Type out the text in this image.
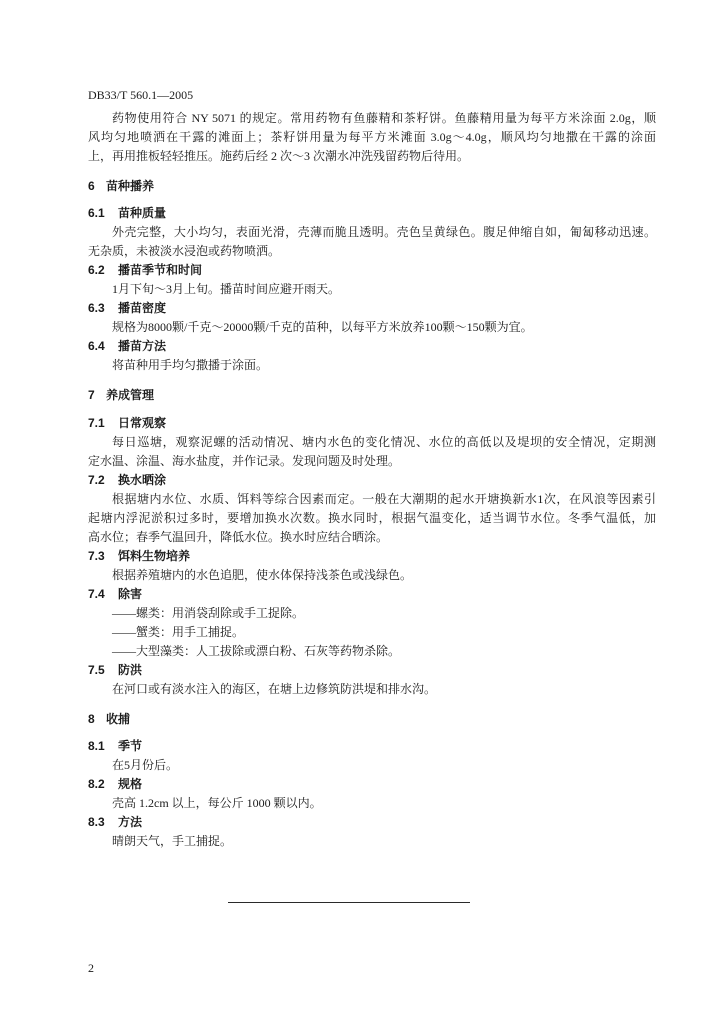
DB33/T 560.1—2005
药物使用符合 NY 5071 的规定。常用药物有鱼藤精和茶籽饼。鱼藤精用量为每平方米涂面 2.0g，顺
风均匀地喷洒在干露的滩面上；茶籽饼用量为每平方米滩面 3.0g～4.0g，顺风均匀地撒在干露的涂面
上，再用推板轻轻推压。施药后经 2 次～3 次潮水冲洗残留药物后待用。
6 苗种播养
6.1 苗种质量
外壳完整，大小均匀，表面光滑，壳薄而脆且透明。壳色呈黄绿色。腹足伸缩自如，匍匐移动迅速。
无杂质，未被淡水浸泡或药物喷洒。
6.2 播苗季节和时间
1月下旬～3月上旬。播苗时间应避开雨天。
6.3 播苗密度
规格为8000颗/千克～20000颗/千克的苗种，以每平方米放养100颗～150颗为宜。
6.4 播苗方法
将苗种用手均匀撒播于涂面。
7 养成管理
7.1 日常观察
每日巡塘，观察泥螺的活动情况、塘内水色的变化情况、水位的高低以及堤坝的安全情况，定期测
定水温、涂温、海水盐度，并作记录。发现问题及时处理。
7.2 换水晒涂
根据塘内水位、水质、饵料等综合因素而定。一般在大潮期的起水开塘换新水1次，在风浪等因素引
起塘内浮泥淤积过多时，要增加换水次数。换水同时，根据气温变化，适当调节水位。冬季气温低，加
高水位；春季气温回升，降低水位。换水时应结合晒涂。
7.3 饵料生物培养
根据养殖塘内的水色追肥，使水体保持浅茶色或浅绿色。
7.4 除害
——螺类：用消袋刮除或手工捉除。
——蟹类：用手工捕捉。
——大型藻类：人工拔除或漂白粉、石灰等药物杀除。
7.5 防洪
在河口或有淡水注入的海区，在塘上边修筑防洪堤和排水沟。
8 收捕
8.1 季节
在5月份后。
8.2 规格
壳高 1.2cm 以上，每公斤 1000 颗以内。
8.3 方法
晴朗天气，手工捕捉。
2
